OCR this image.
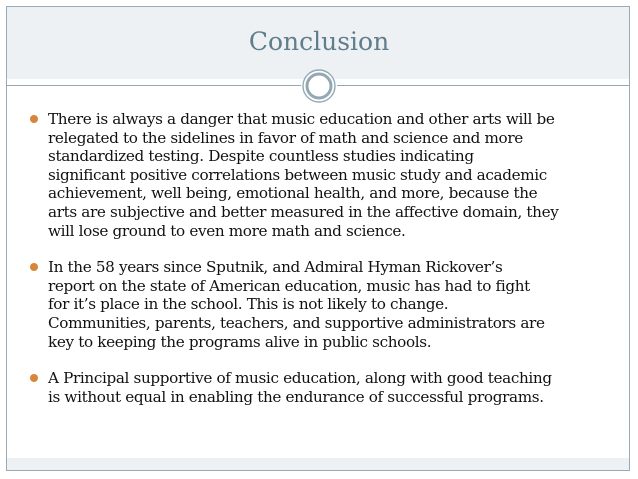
Conclusion
There is always a danger that music education and other arts will be
relegated to the sidelines in favor of math and science and more
standardized testing. Despite countless studies indicating
significant positive correlations between music study and academic
achievement, well being, emotional health, and more, because the
arts are subjective and better measured in the affective domain, they
will lose ground to even more math and science.
In the 58 years since Sputnik, and Admiral Hyman Rickover’s
report on the state of American education, music has had to fight
for it’s place in the school. This is not likely to change.
Communities, parents, teachers, and supportive administrators are
key to keeping the programs alive in public schools.
A Principal supportive of music education, along with good teaching
is without equal in enabling the endurance of successful programs.
